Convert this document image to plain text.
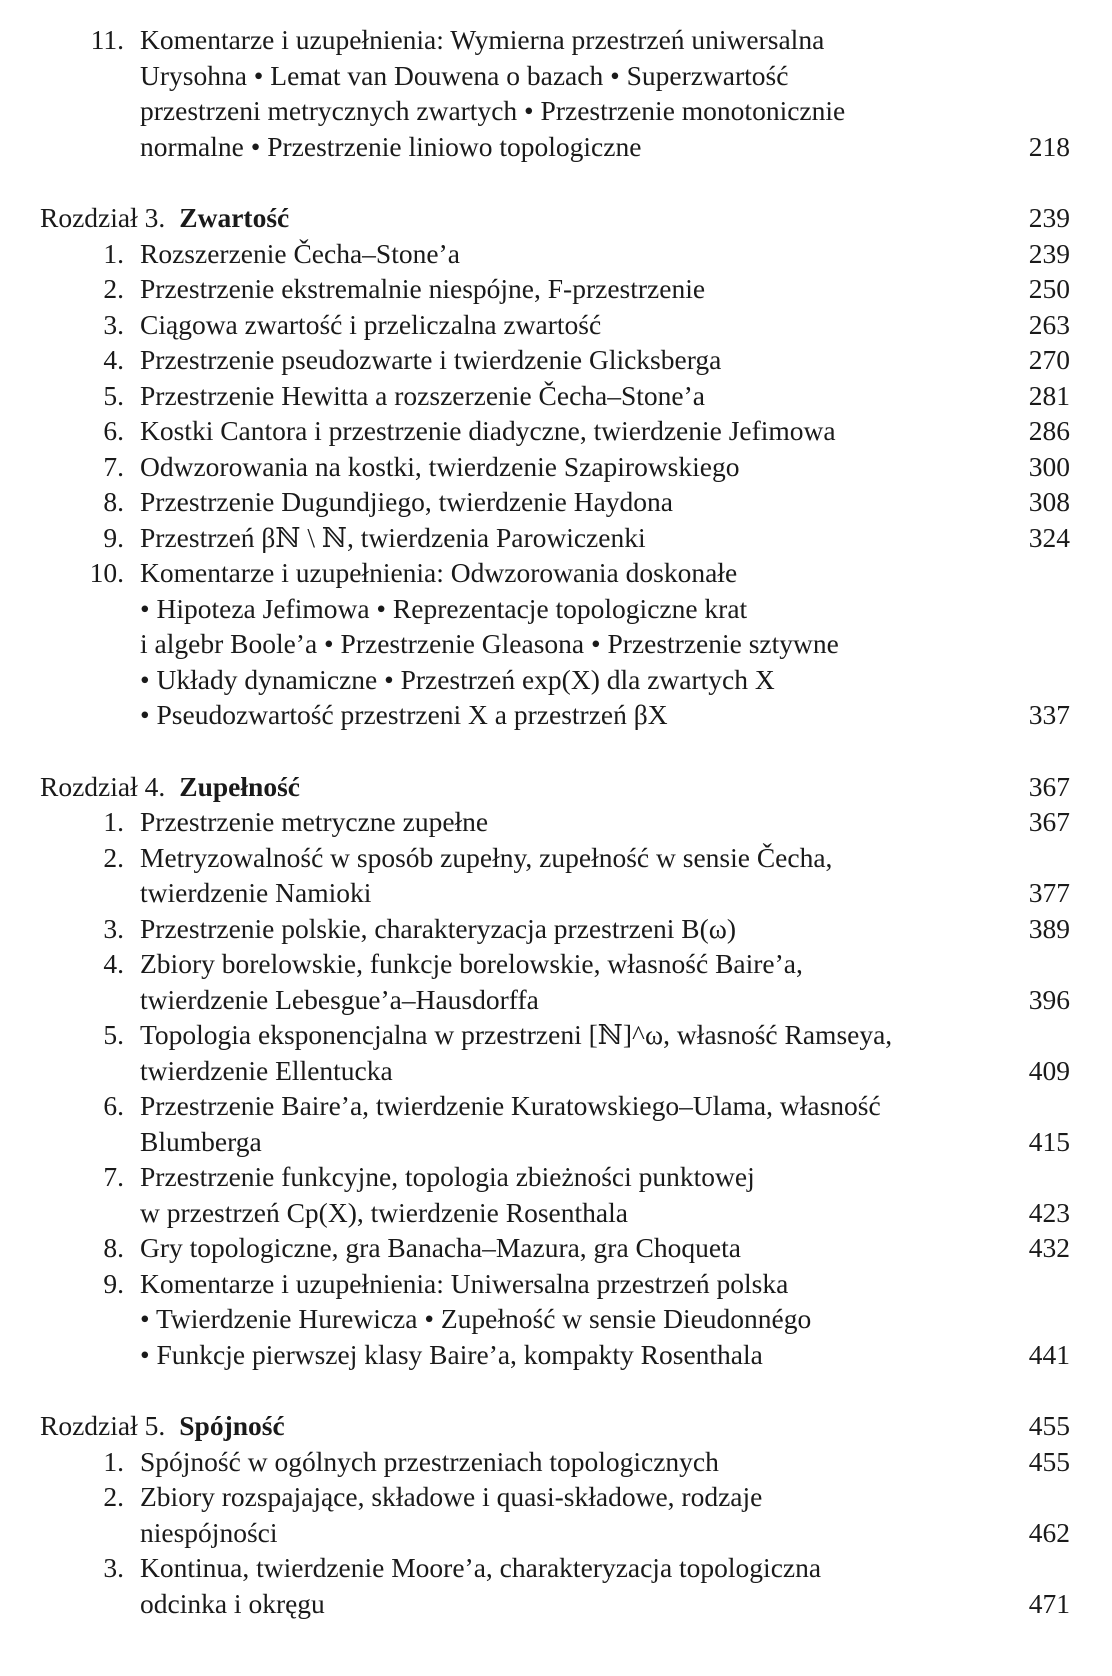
11. Komentarze i uzupełnienia: Wymierna przestrzeń uniwersalna
Urysohna • Lemat van Douwena o bazach • Superzwartość
przestrzeni metrycznych zwartych • Przestrzenie monotonicznie
normalne • Przestrzenie liniowo topologiczne	218
Rozdział 3. Zwartość	239
1. Rozszerzenie Čecha–Stone’a	239
2. Przestrzenie ekstremalnie niespójne, F-przestrzenie	250
3. Ciągowa zwartość i przeliczalna zwartość	263
4. Przestrzenie pseudozwarte i twierdzenie Glicksberga	270
5. Przestrzenie Hewitta a rozszerzenie Čecha–Stone’a	281
6. Kostki Cantora i przestrzenie diadyczne, twierdzenie Jefimowa	286
7. Odwzorowania na kostki, twierdzenie Szapirowskiego	300
8. Przestrzenie Dugundjiego, twierdzenie Haydona	308
9. Przestrzeń βℕ \ ℕ, twierdzenia Parowiczenki	324
10. Komentarze i uzupełnienia: Odwzorowania doskonałe
• Hipoteza Jefimowa • Reprezentacje topologiczne krat
i algebr Boole’a • Przestrzenie Gleasona • Przestrzenie sztywne
• Układy dynamiczne • Przestrzeń exp(X) dla zwartych X
• Pseudozwartość przestrzeni X a przestrzeń βX	337
Rozdział 4. Zupełność	367
1. Przestrzenie metryczne zupełne	367
2. Metryzowalność w sposób zupełny, zupełność w sensie Čecha,
twierdzenie Namioki	377
3. Przestrzenie polskie, charakteryzacja przestrzeni B(ω)	389
4. Zbiory borelowskie, funkcje borelowskie, własność Baire’a,
twierdzenie Lebesgue’a–Hausdorffa	396
5. Topologia eksponencjalna w przestrzeni [ℕ]^ω, własność Ramseya,
twierdzenie Ellentucka	409
6. Przestrzenie Baire’a, twierdzenie Kuratowskiego–Ulama, własność
Blumberga	415
7. Przestrzenie funkcyjne, topologia zbieżności punktowej
w przestrzeń Cp(X), twierdzenie Rosenthala	423
8. Gry topologiczne, gra Banacha–Mazura, gra Choqueta	432
9. Komentarze i uzupełnienia: Uniwersalna przestrzeń polska
• Twierdzenie Hurewicza • Zupełność w sensie Dieudonnégo
• Funkcje pierwszej klasy Baire’a, kompakty Rosenthala	441
Rozdział 5. Spójność	455
1. Spójność w ogólnych przestrzeniach topologicznych	455
2. Zbiory rozspajające, składowe i quasi-składowe, rodzaje
niespójności	462
3. Kontinua, twierdzenie Moore’a, charakteryzacja topologiczna
odcinka i okręgu	471
